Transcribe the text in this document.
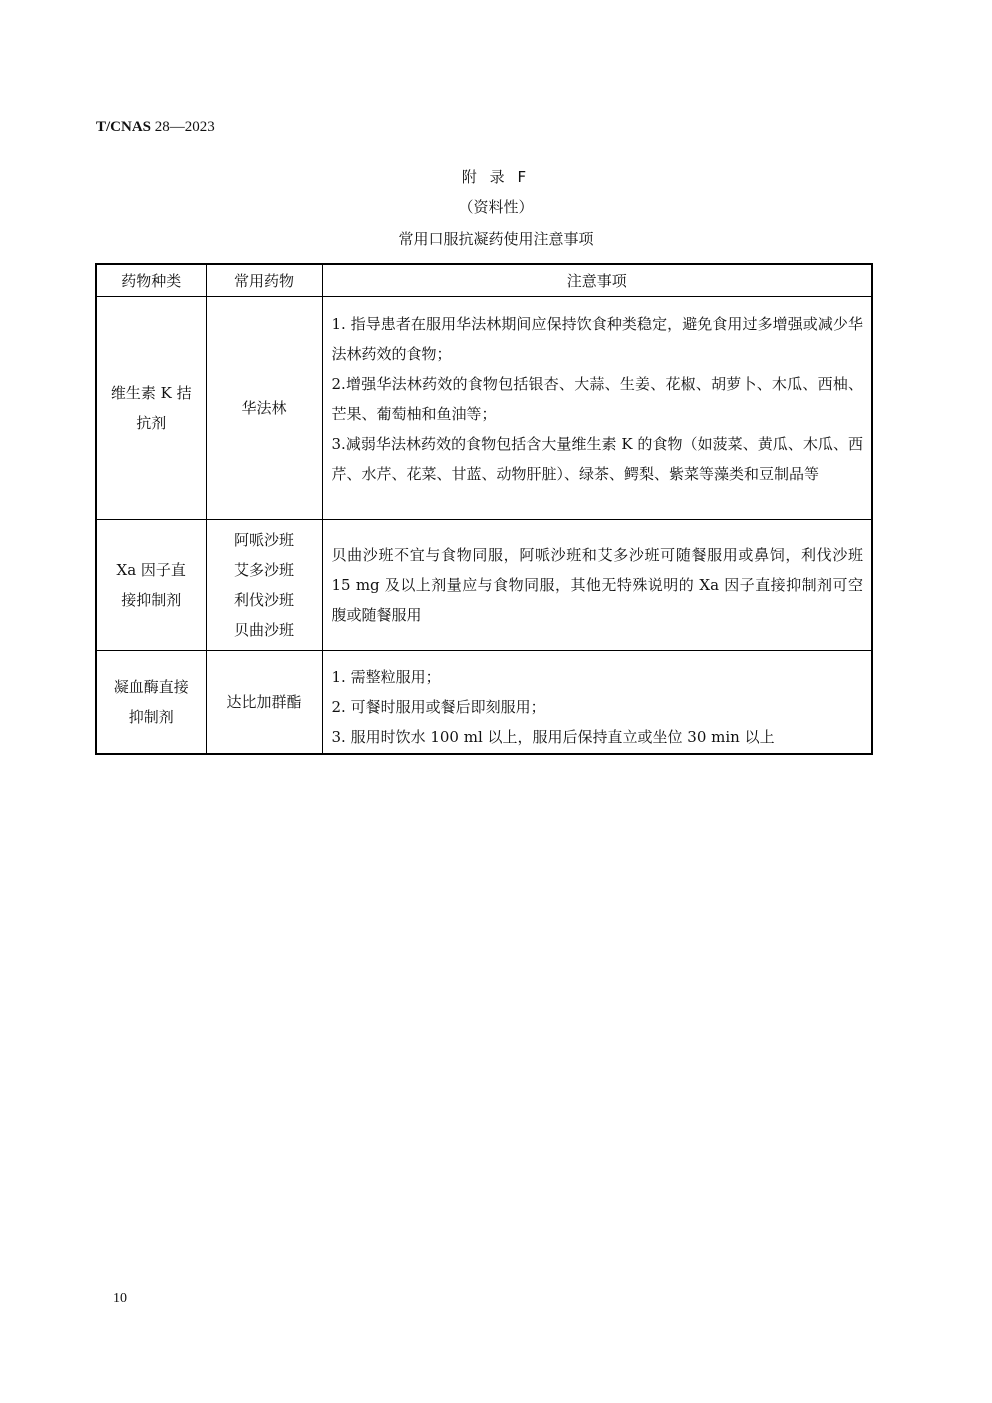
T/CNAS 28—2023
附 录 F
（资料性）
常用口服抗凝药使用注意事项
药物种类	常用药物	注意事项

维生素 K 拮
抗剂	华法林	1. 指导患者在服用华法林期间应保持饮食种类稳定，避免食用过多增强或减少华法林药效的食物；
2.增强华法林药效的食物包括银杏、大蒜、生姜、花椒、胡萝卜、木瓜、西柚、芒果、葡萄柚和鱼油等；
3.减弱华法林药效的食物包括含大量维生素 K 的食物（如菠菜、黄瓜、木瓜、西芹、水芹、花菜、甘蓝、动物肝脏）、绿茶、鳄梨、紫菜等藻类和豆制品等

Xa 因子直
接抑制剂	阿哌沙班
艾多沙班
利伐沙班
贝曲沙班	贝曲沙班不宜与食物同服，阿哌沙班和艾多沙班可随餐服用或鼻饲，利伐沙班 15 mg 及以上剂量应与食物同服，其他无特殊说明的 Xa 因子直接抑制剂可空腹或随餐服用

凝血酶直接
抑制剂	达比加群酯	1. 需整粒服用；
2. 可餐时服用或餐后即刻服用；
3. 服用时饮水 100 ml 以上，服用后保持直立或坐位 30 min 以上
10
